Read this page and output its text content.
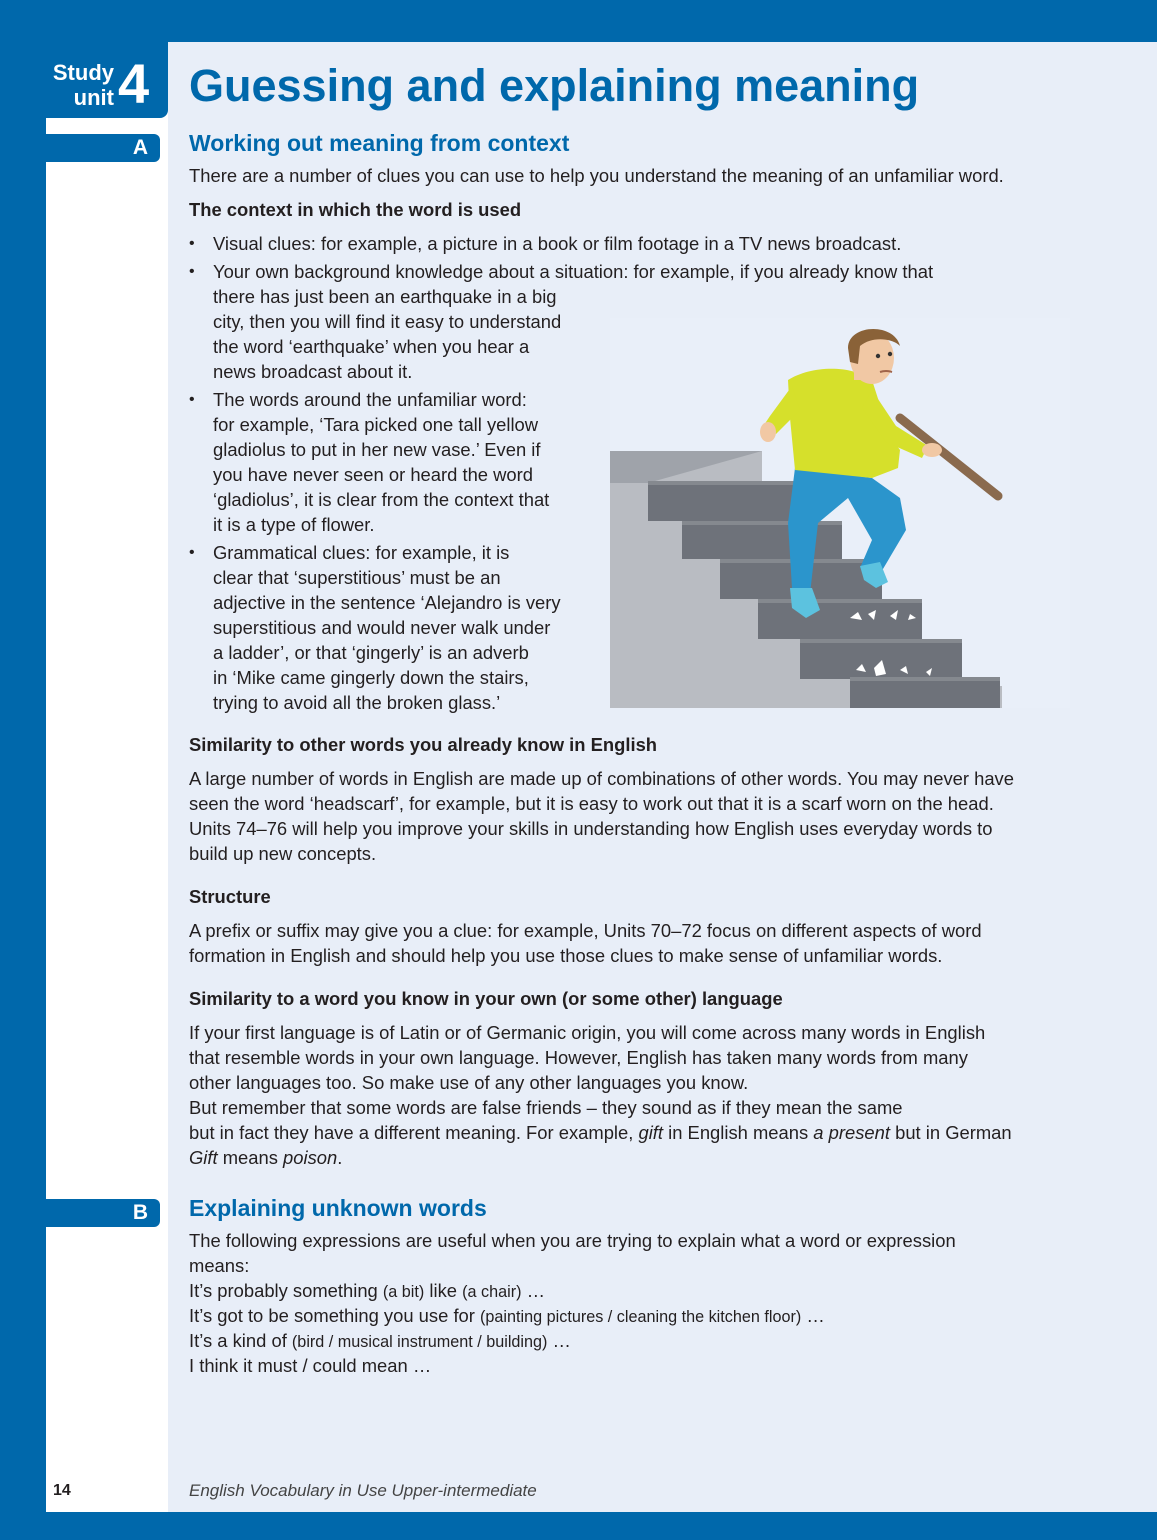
Study
unit 4 Guessing and explaining meaning
A	Working out meaning from context
There are a number of clues you can use to help you understand the meaning of an unfamiliar word.
The context in which the word is used
• Visual clues: for example, a picture in a book or film footage in a TV news broadcast.
• Your own background knowledge about a situation: for example, if you already know that
there has just been an earthquake in a big
city, then you will find it easy to understand
the word ‘earthquake’ when you hear a
news broadcast about it.
• The words around the unfamiliar word:
for example, ‘Tara picked one tall yellow
gladiolus to put in her new vase.’ Even if
you have never seen or heard the word
‘gladiolus’, it is clear from the context that
it is a type of flower.
• Grammatical clues: for example, it is
clear that ‘superstitious’ must be an
adjective in the sentence ‘Alejandro is very
superstitious and would never walk under
a ladder’, or that ‘gingerly’ is an adverb
in ‘Mike came gingerly down the stairs,
trying to avoid all the broken glass.’
Similarity to other words you already know in English
A large number of words in English are made up of combinations of other words. You may never have
seen the word ‘headscarf’, for example, but it is easy to work out that it is a scarf worn on the head.
Units 74–76 will help you improve your skills in understanding how English uses everyday words to
build up new concepts.
Structure
A prefix or suffix may give you a clue: for example, Units 70–72 focus on different aspects of word
formation in English and should help you use those clues to make sense of unfamiliar words.
Similarity to a word you know in your own (or some other) language
If your first language is of Latin or of Germanic origin, you will come across many words in English
that resemble words in your own language. However, English has taken many words from many
other languages too. So make use of any other languages you know.
But remember that some words are false friends – they sound as if they mean the same
but in fact they have a different meaning. For example, gift in English means a present but in German
Gift means poison.
B	Explaining unknown words
The following expressions are useful when you are trying to explain what a word or expression
means:
It’s probably something (a bit) like (a chair) …
It’s got to be something you use for (painting pictures / cleaning the kitchen floor) …
It’s a kind of (bird / musical instrument / building) …
I think it must / could mean …
14	English Vocabulary in Use Upper-intermediate
